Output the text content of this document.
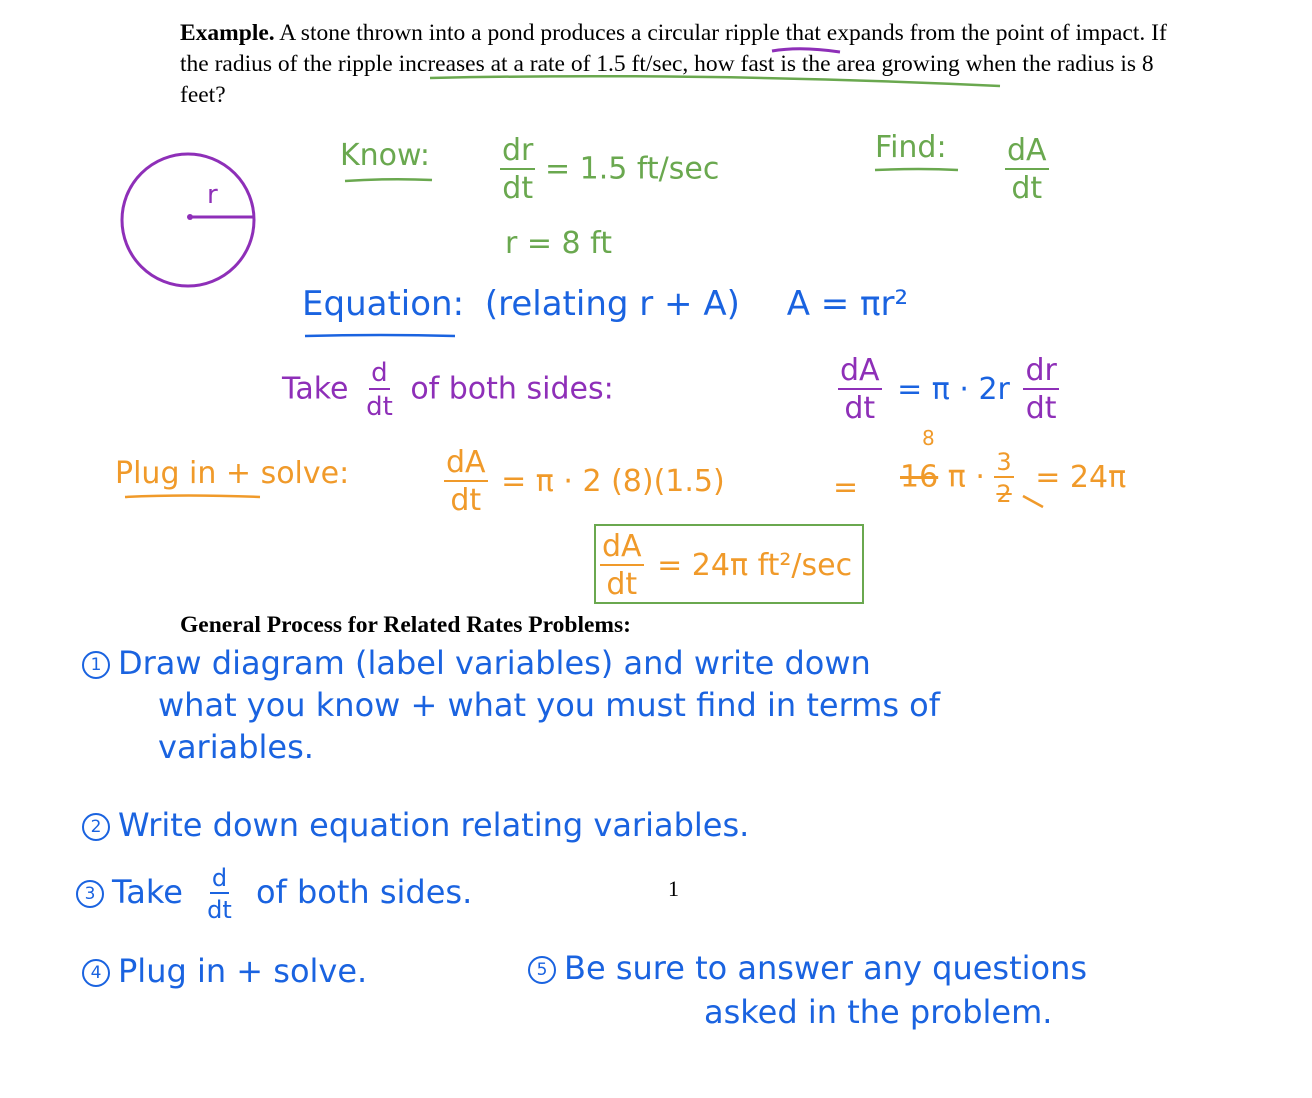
Example. A stone thrown into a pond produces a circular ripple that expands from the point of impact. If the radius of the ripple increases at a rate of 1.5 ft/sec, how fast is the area growing when the radius is 8 feet?
r
Know: $\frac{dr}{dt} = 1.5$ ft/sec
r = 8 ft
Find: $\frac{dA}{dt}$
Equation: (relating r + A) A = πr²
Take $\frac{d}{dt}$ of both sides:	$\frac{dA}{dt} = \pi \cdot 2r \frac{dr}{dt}$
Plug in + solve:	$\frac{dA}{dt} = \pi \cdot 2$ (8)(1.5)	=
8
16 $\pi \cdot \frac{3}{2} = 24\pi$
$\frac{dA}{dt} = 24\pi$ ft²/sec
General Process for Related Rates Problems:
1 Draw diagram (label variables) and write down
what you know + what you must find in terms of
variables.
2 Write down equation relating variables.
3 Take $\frac{d}{dt}$ of both sides.	1
4 Plug in + solve.	5 Be sure to answer any questions
asked in the problem.
